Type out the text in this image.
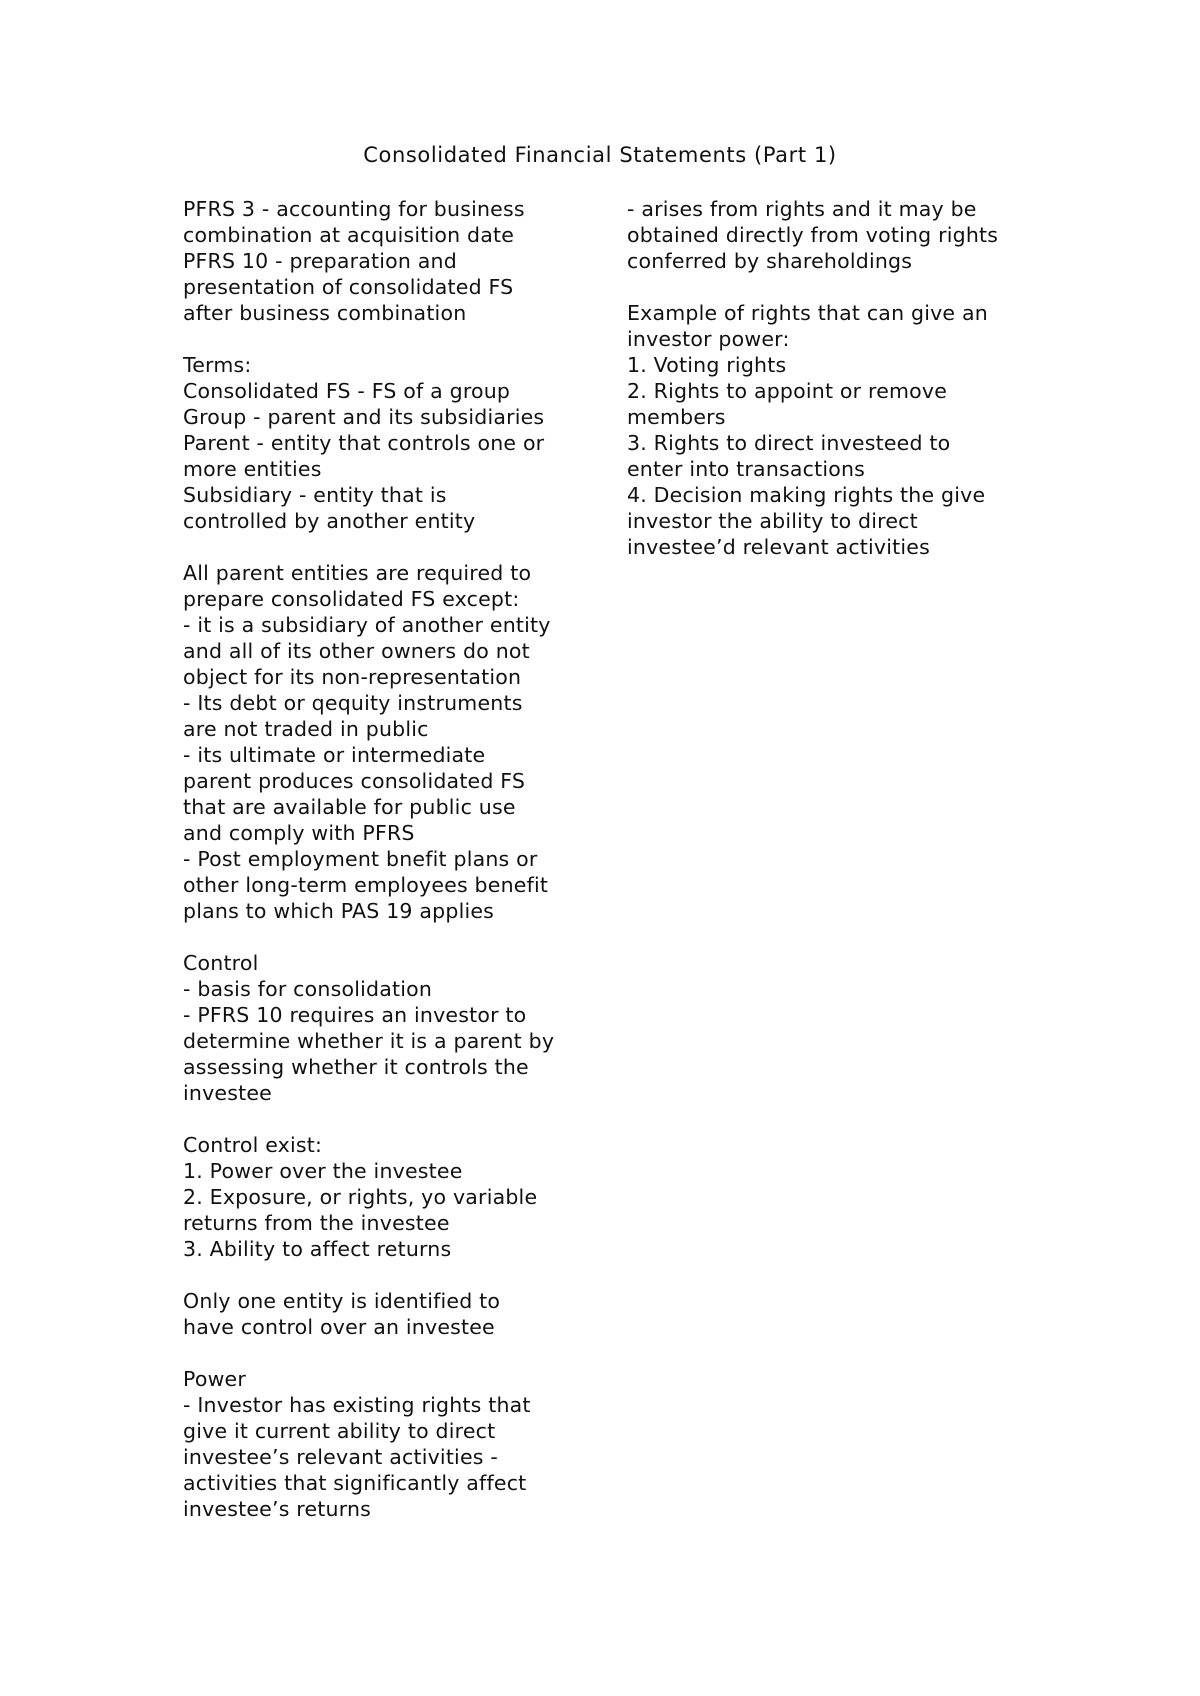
Consolidated Financial Statements (Part 1)
PFRS 3 - accounting for business
combination at acquisition date
PFRS 10 - preparation and
presentation of consolidated FS
after business combination
Terms:
Consolidated FS - FS of a group
Group - parent and its subsidiaries
Parent - entity that controls one or
more entities
Subsidiary - entity that is
controlled by another entity
All parent entities are required to
prepare consolidated FS except:
- it is a subsidiary of another entity
and all of its other owners do not
object for its non-representation
- Its debt or qequity instruments
are not traded in public
- its ultimate or intermediate
parent produces consolidated FS
that are available for public use
and comply with PFRS
- Post employment bnefit plans or
other long-term employees benefit
plans to which PAS 19 applies
Control
- basis for consolidation
- PFRS 10 requires an investor to
determine whether it is a parent by
assessing whether it controls the
investee
Control exist:
1. Power over the investee
2. Exposure, or rights, yo variable
returns from the investee
3. Ability to affect returns
Only one entity is identified to
have control over an investee
Power
- Investor has existing rights that
give it current ability to direct
investee’s relevant activities -
activities that significantly affect
investee’s returns
- arises from rights and it may be
obtained directly from voting rights
conferred by shareholdings
Example of rights that can give an
investor power:
1. Voting rights
2. Rights to appoint or remove
members
3. Rights to direct investeed to
enter into transactions
4. Decision making rights the give
investor the ability to direct
investee’d relevant activities
